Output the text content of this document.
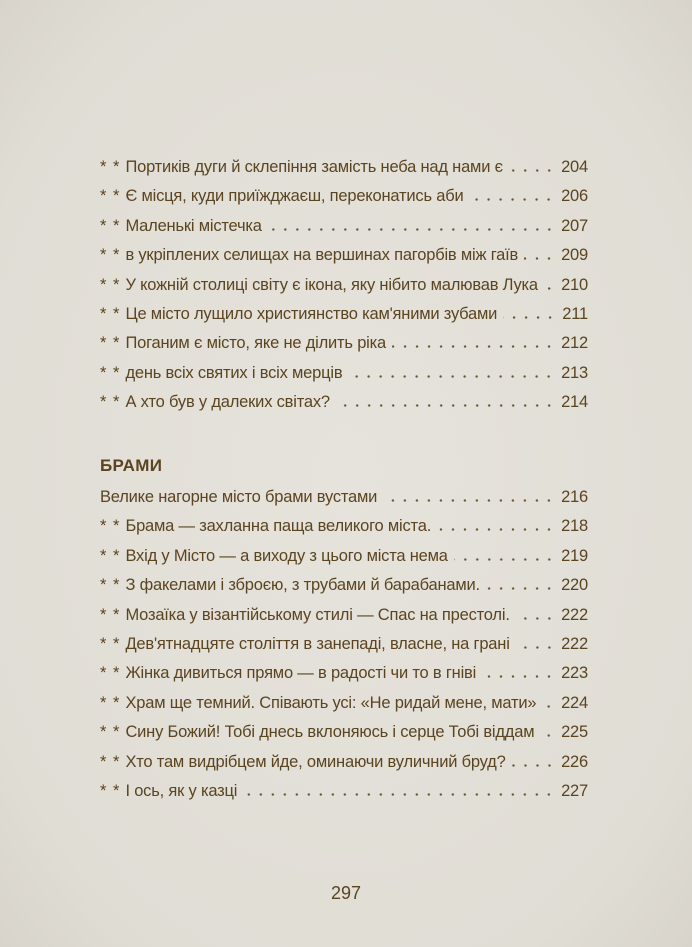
* * Портиків дуги й склепіння замість неба над нами є	204
* * Є місця, куди приїжджаєш, переконатись аби	206
* * Маленькі містечка	207
* * в укріплених селищах на вершинах пагорбів між гаїв	209
* * У кожній столиці світу є ікона, яку нібито малював Лука 210
* * Це місто лущило християнство кам'яними зубами	211
* * Поганим є місто, яке не ділить ріка	212
* * день всіх святих і всіх мерців	213
* * А хто був у далеких світах?	214
БРАМИ
Велике нагорне місто брами вустами	216
* * Брама — захланна паща великого міста.	218
* * Вхід у Місто — а виходу з цього міста нема	219
* * З факелами і зброєю, з трубами й барабанами.	220
* * Мозаїка у візантійському стилі — Спас на престолі.	222
* * Дев'ятнадцяте століття в занепаді, власне, на грані	222
* * Жінка дивиться прямо — в радості чи то в гніві	223
* * Храм ще темний. Співають усі: «Не ридай мене, мати» 224
* * Сину Божий! Тобі днесь вклоняюсь і серце Тобі віддам 225
* * Хто там видрібцем йде, оминаючи вуличний бруд?	226
* * І ось, як у казці	227
297
